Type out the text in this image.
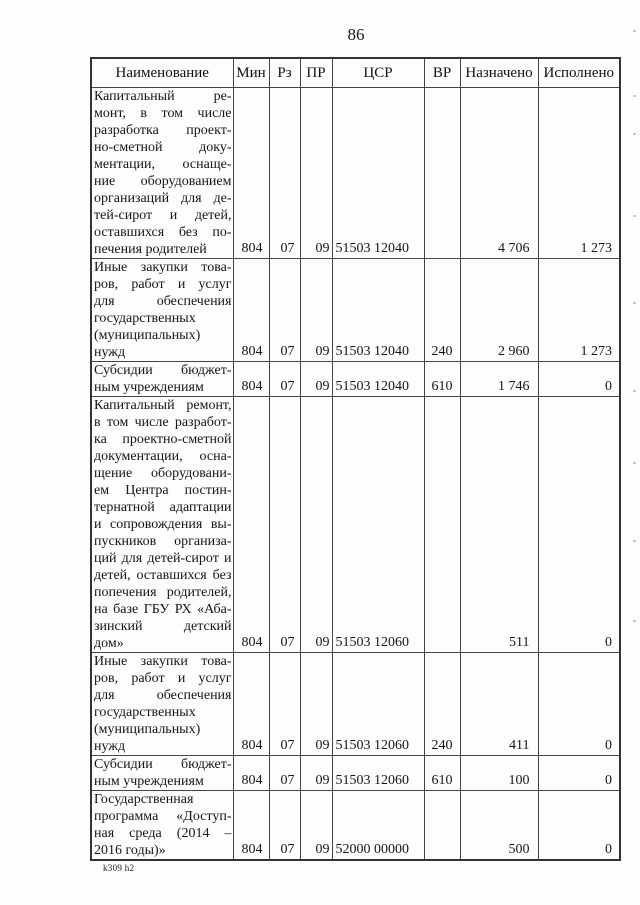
86
Наименование	Мин	Рз	ПР	ЦСР	ВР	Назначено	Исполнено

Капитальный ре-
монт, в том числе
разработка проект-
но-сметной доку-
ментации, оснаще-
ние оборудованием
организаций для де-
тей-сирот и детей,
оставшихся без по-
печения родителей	804	07	09	51503 12040		4 706	1 273

Иные закупки това-
ров, работ и услуг
для обеспечения
государственных
(муниципальных)
нужд	804	07	09	51503 12040	240	2 960	1 273

Субсидии бюджет-
ным учреждениям	804	07	09	51503 12040	610	1 746	0

Капитальный ремонт,
в том числе разработ-
ка проектно-сметной
документации, осна-
щение оборудовани-
ем Центра постин-
тернатной адаптации
и сопровождения вы-
пускников организа-
ций для детей-сирот и
детей, оставшихся без
попечения родителей,
на базе ГБУ РХ «Аба-
зинский детский
дом»	804	07	09	51503 12060		511	0

Иные закупки това-
ров, работ и услуг
для обеспечения
государственных
(муниципальных)
нужд	804	07	09	51503 12060	240	411	0

Субсидии бюджет-
ным учреждениям	804	07	09	51503 12060	610	100	0

Государственная
программа «Доступ-
ная среда (2014 –
2016 годы)»	804	07	09	52000 00000		500	0
k309 h2
